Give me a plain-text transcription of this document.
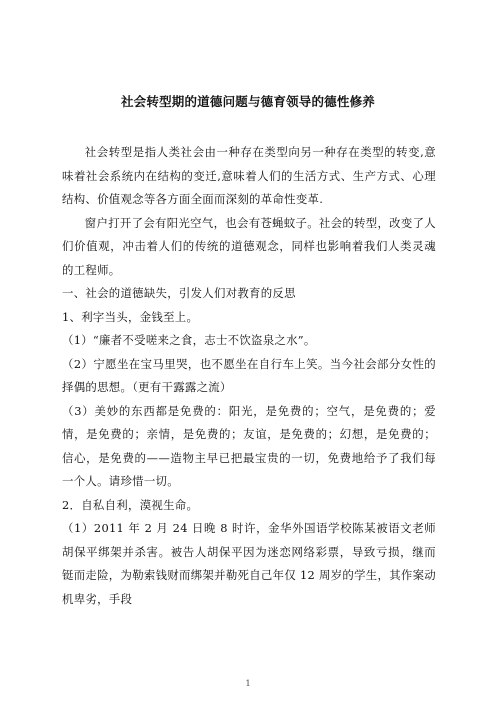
社会转型期的道德问题与德育领导的德性修养

社会转型是指人类社会由一种存在类型向另一种存在类型的转变,意味着社会系统内在结构的变迁,意味着人们的生活方式、生产方式、心理结构、价值观念等各方面全面而深刻的革命性变革.

窗户打开了会有阳光空气，也会有苍蝇蚊子。社会的转型，改变了人们价值观，冲击着人们的传统的道德观念，同样也影响着我们人类灵魂的工程师。

一、社会的道德缺失，引发人们对教育的反思

1、利字当头，金钱至上。

（1）“廉者不受嗟来之食，志士不饮盗泉之水”。

（2）宁愿坐在宝马里哭，也不愿坐在自行车上笑。当今社会部分女性的择偶的思想。（更有干露露之流）

（3）美妙的东西都是免费的：阳光，是免费的；空气，是免费的；爱情，是免费的；亲情，是免费的；友谊，是免费的；幻想，是免费的；信心，是免费的——造物主早已把最宝贵的一切，免费地给予了我们每一个人。请珍惜一切。

2．自私自利，漠视生命。

（1）2011 年 2 月 24 日晚 8 时许，金华外国语学校陈某被语文老师胡保平绑架并杀害。被告人胡保平因为迷恋网络彩票，导致亏损，继而铤而走险，为勒索钱财而绑架并勒死自己年仅 12 周岁的学生，其作案动机卑劣，手段

1
